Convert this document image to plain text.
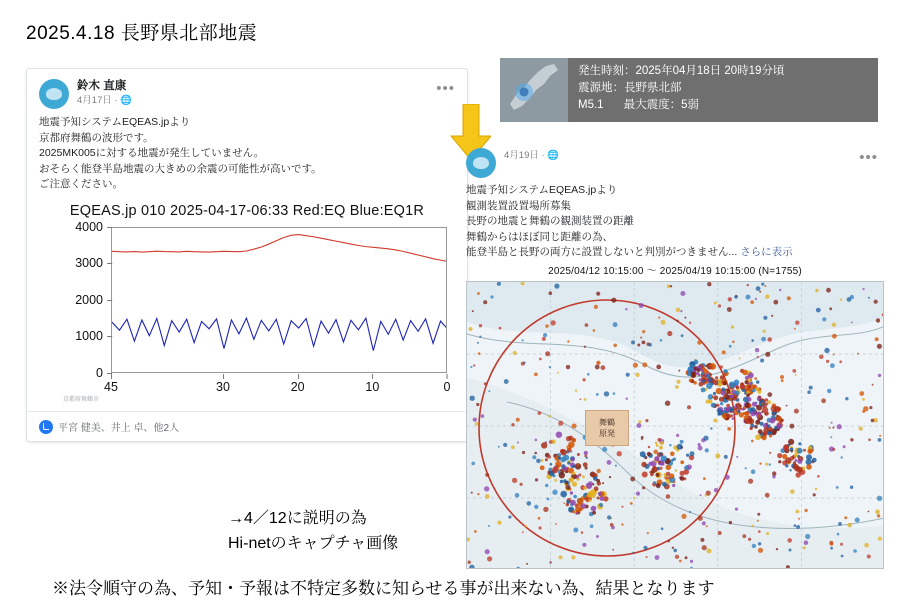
2025.4.18 長野県北部地震
鈴木 直康
4月17日 · 🌐
•••
地震予知システムEQEAS.jpより
京都府舞鶴の波形です。
2025MK005に対する地震が発生していません。
おそらく能登半島地震の大きめの余震の可能性が高いです。
ご注意ください。
EQEAS.jp 010 2025-04-17-06:33 Red:EQ Blue:EQ1R
0
1000
2000
3000
4000
45	30	20	10	0
京都府舞鶴市
平宮 健美、井上 卓、他2人
発生時刻：2025年04月18日 20時19分頃
震源地：長野県北部
M5.1 最大震度：5弱
4月19日 · 🌐	•••
地震予知システムEQEAS.jpより
観測装置設置場所募集
長野の地震と舞鶴の観測装置の距離
舞鶴からはほぼ同じ距離の為、
能登半島と長野の両方に設置しないと判別がつきません... さらに表示
2025/04/12 10:15:00 ～ 2025/04/19 10:15:00 (N=1755)
舞鶴
原発
→4／12に説明の為
Hi-netのキャプチャ画像
※法令順守の為、予知・予報は不特定多数に知らせる事が出来ない為、結果となります
